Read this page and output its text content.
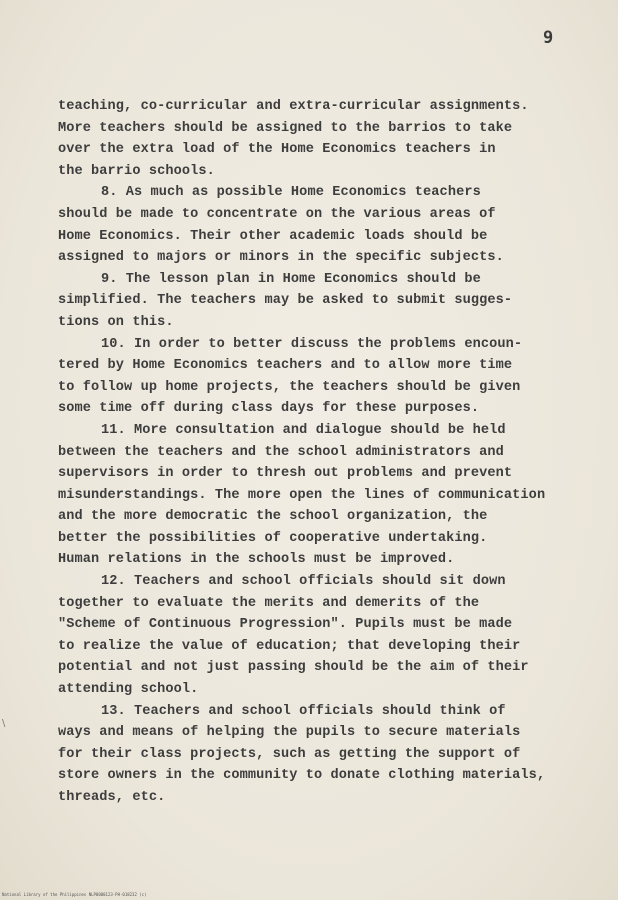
9
teaching, co-curricular and extra-curricular assignments.
More teachers should be assigned to the barrios to take
over the extra load of the Home Economics teachers in
the barrio schools.
8. As much as possible Home Economics teachers
should be made to concentrate on the various areas of
Home Economics. Their other academic loads should be
assigned to majors or minors in the specific subjects.
9. The lesson plan in Home Economics should be
simplified. The teachers may be asked to submit sugges-
tions on this.
10. In order to better discuss the problems encoun-
tered by Home Economics teachers and to allow more time
to follow up home projects, the teachers should be given
some time off during class days for these purposes.
11. More consultation and dialogue should be held
between the teachers and the school administrators and
supervisors in order to thresh out problems and prevent
misunderstandings. The more open the lines of communication
and the more democratic the school organization, the
better the possibilities of cooperative undertaking.
Human relations in the schools must be improved.
12. Teachers and school officials should sit down
together to evaluate the merits and demerits of the
"Scheme of Continuous Progression". Pupils must be made
to realize the value of education; that developing their
potential and not just passing should be the aim of their
attending school.
13. Teachers and school officials should think of
ways and means of helping the pupils to secure materials
for their class projects, such as getting the support of
store owners in the community to donate clothing materials,
threads, etc.
\
National Library of the Philippines NLP0000123·PH·018232 (c)
